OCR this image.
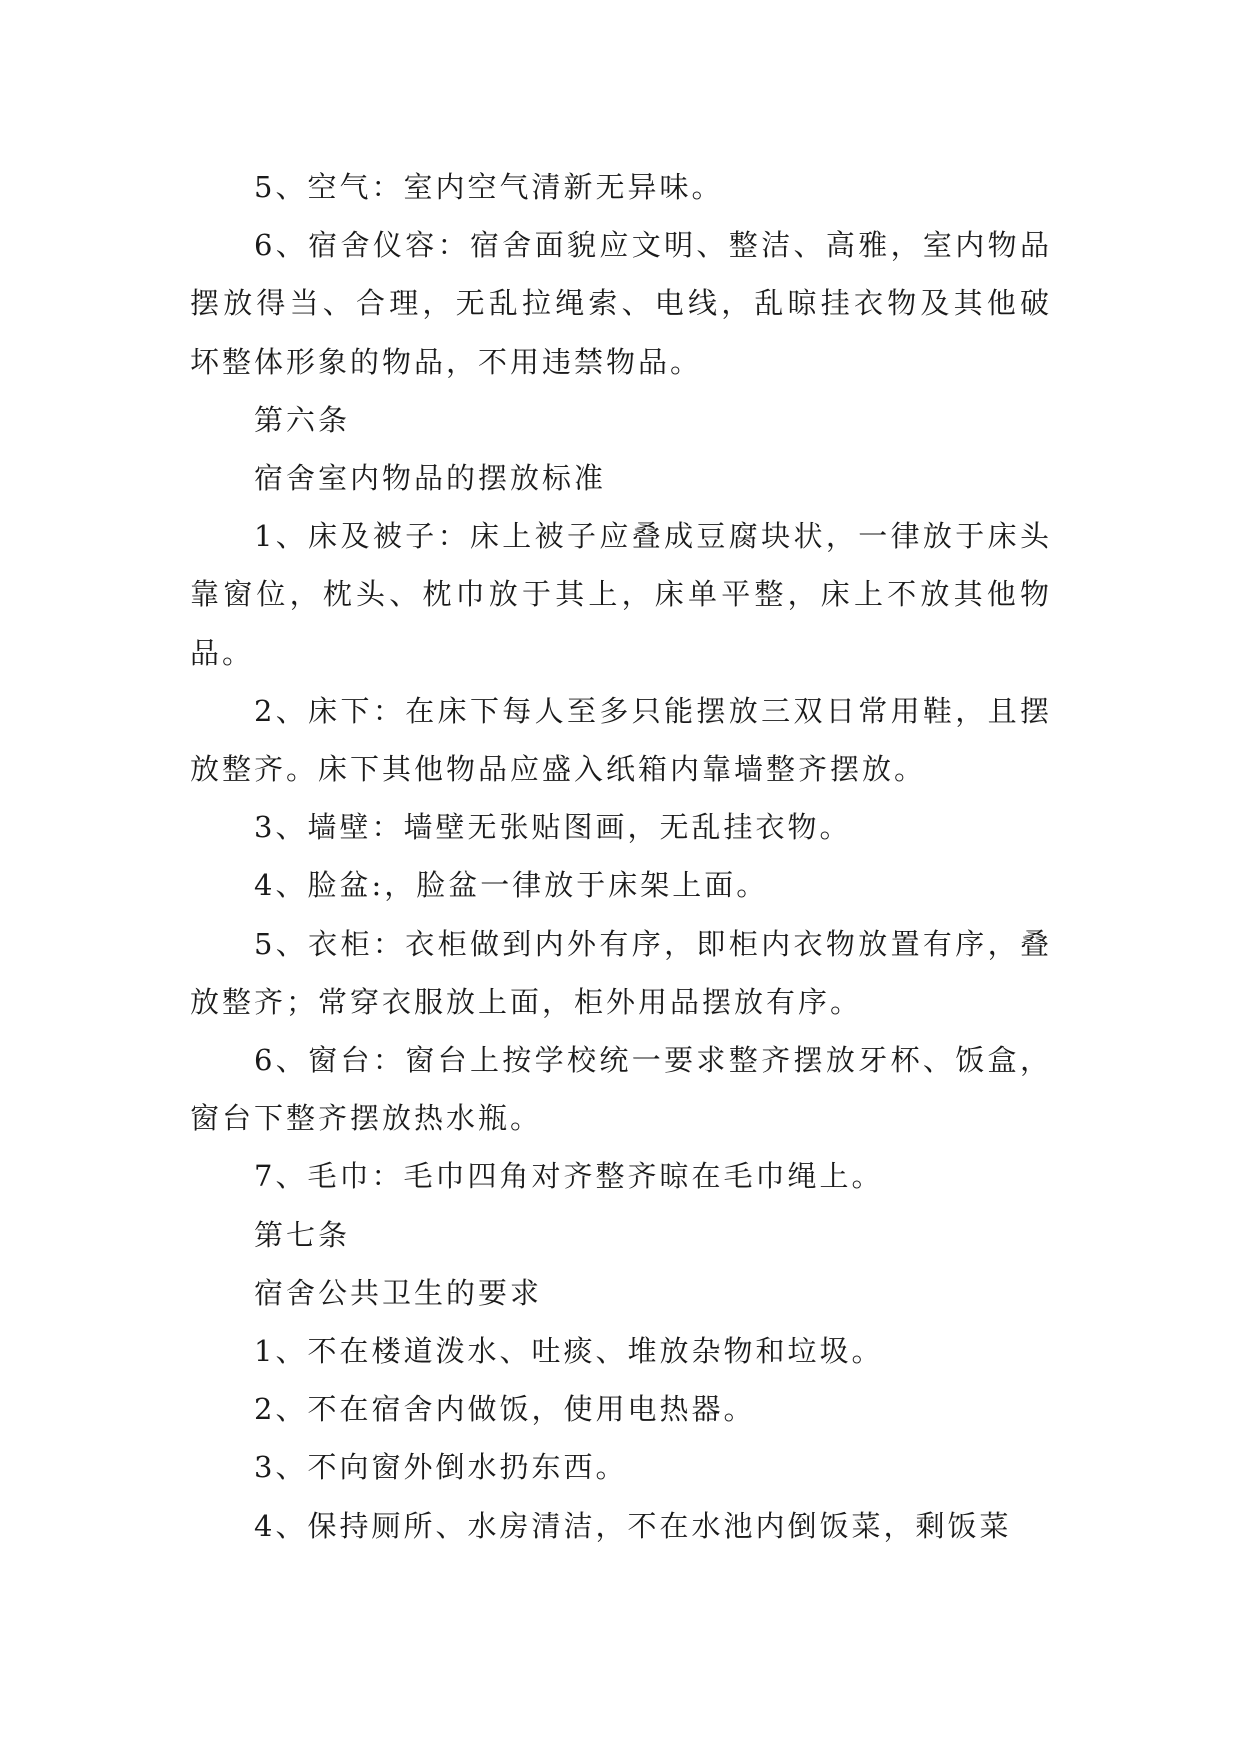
5、空气：室内空气清新无异味。

6、宿舍仪容：宿舍面貌应文明、整洁、高雅，室内物品摆放得当、合理，无乱拉绳索、电线，乱晾挂衣物及其他破坏整体形象的物品，不用违禁物品。

第六条

宿舍室内物品的摆放标准

1、床及被子：床上被子应叠成豆腐块状，一律放于床头靠窗位，枕头、枕巾放于其上，床单平整，床上不放其他物品。

2、床下：在床下每人至多只能摆放三双日常用鞋，且摆放整齐。床下其他物品应盛入纸箱内靠墙整齐摆放。

3、墙壁：墙壁无张贴图画，无乱挂衣物。

4、脸盆:，脸盆一律放于床架上面。

5、衣柜：衣柜做到内外有序，即柜内衣物放置有序，叠放整齐；常穿衣服放上面，柜外用品摆放有序。

6、窗台：窗台上按学校统一要求整齐摆放牙杯、饭盒，窗台下整齐摆放热水瓶。

7、毛巾：毛巾四角对齐整齐晾在毛巾绳上。

第七条

宿舍公共卫生的要求

1、不在楼道泼水、吐痰、堆放杂物和垃圾。

2、不在宿舍内做饭，使用电热器。

3、不向窗外倒水扔东西。

4、保持厕所、水房清洁，不在水池内倒饭菜，剩饭菜
